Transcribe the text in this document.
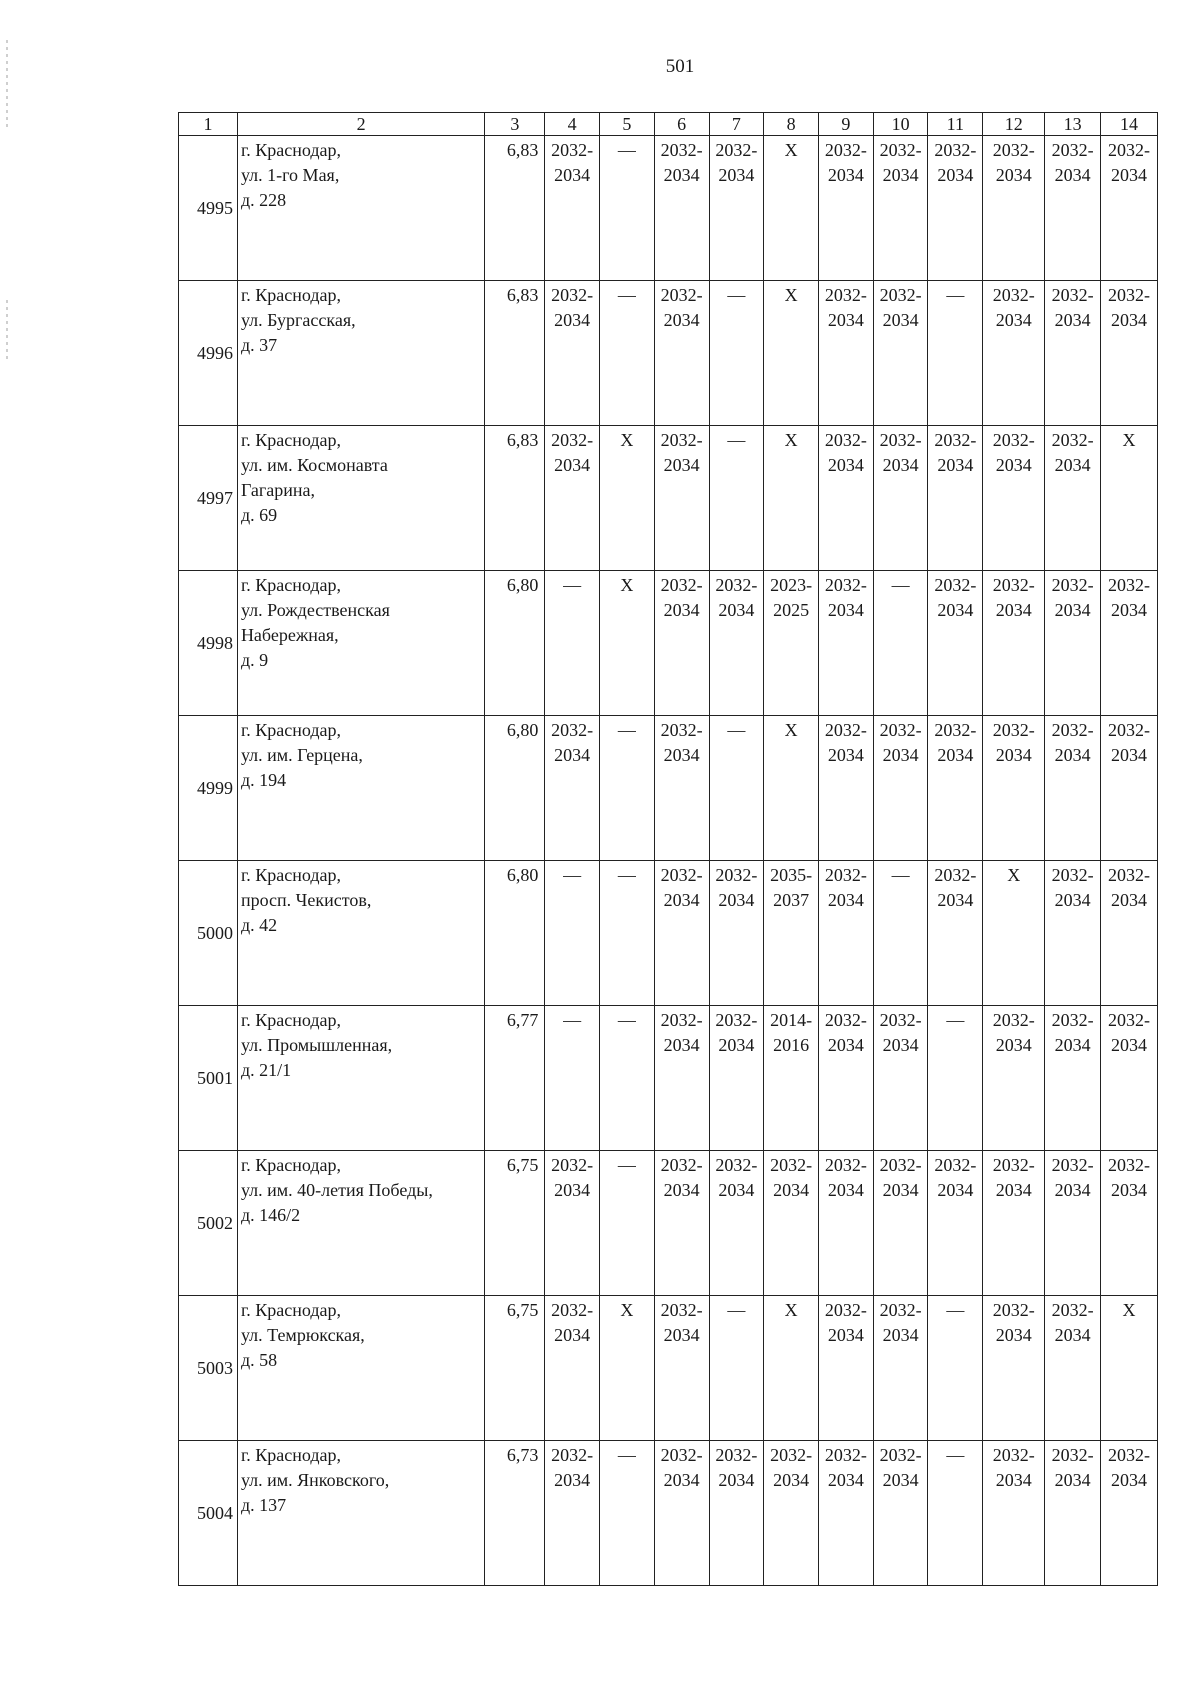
501
1	2	3	4	5	6	7	8	9	10	11	12	13	14
4995	г. Краснодар,
ул. 1-го Мая,
д. 228	6,83	2032-
2034	—	2032-
2034	2032-
2034	X	2032-
2034	2032-
2034	2032-
2034	2032-
2034	2032-
2034	2032-
2034

4996	г. Краснодар,
ул. Бургасская,
д. 37	6,83	2032-
2034	—	2032-
2034	—	X	2032-
2034	2032-
2034	—	2032-
2034	2032-
2034	2032-
2034

4997	г. Краснодар,
ул. им. Космонавта
Гагарина,
д. 69	6,83	2032-
2034	X	2032-
2034	—	X	2032-
2034	2032-
2034	2032-
2034	2032-
2034	2032-
2034	X

4998	г. Краснодар,
ул. Рождественская
Набережная,
д. 9	6,80	—	X	2032-
2034	2032-
2034	2023-
2025	2032-
2034	—	2032-
2034	2032-
2034	2032-
2034	2032-
2034

4999	г. Краснодар,
ул. им. Герцена,
д. 194	6,80	2032-
2034	—	2032-
2034	—	X	2032-
2034	2032-
2034	2032-
2034	2032-
2034	2032-
2034	2032-
2034

5000	г. Краснодар,
просп. Чекистов,
д. 42	6,80	—	—	2032-
2034	2032-
2034	2035-
2037	2032-
2034	—	2032-
2034	X	2032-
2034	2032-
2034

5001	г. Краснодар,
ул. Промышленная,
д. 21/1	6,77	—	—	2032-
2034	2032-
2034	2014-
2016	2032-
2034	2032-
2034	—	2032-
2034	2032-
2034	2032-
2034

5002	г. Краснодар,
ул. им. 40-летия Победы,
д. 146/2	6,75	2032-
2034	—	2032-
2034	2032-
2034	2032-
2034	2032-
2034	2032-
2034	2032-
2034	2032-
2034	2032-
2034	2032-
2034

5003	г. Краснодар,
ул. Темрюкская,
д. 58	6,75	2032-
2034	X	2032-
2034	—	X	2032-
2034	2032-
2034	—	2032-
2034	2032-
2034	X

5004	г. Краснодар,
ул. им. Янковского,
д. 137	6,73	2032-
2034	—	2032-
2034	2032-
2034	2032-
2034	2032-
2034	2032-
2034	—	2032-
2034	2032-
2034	2032-
2034
